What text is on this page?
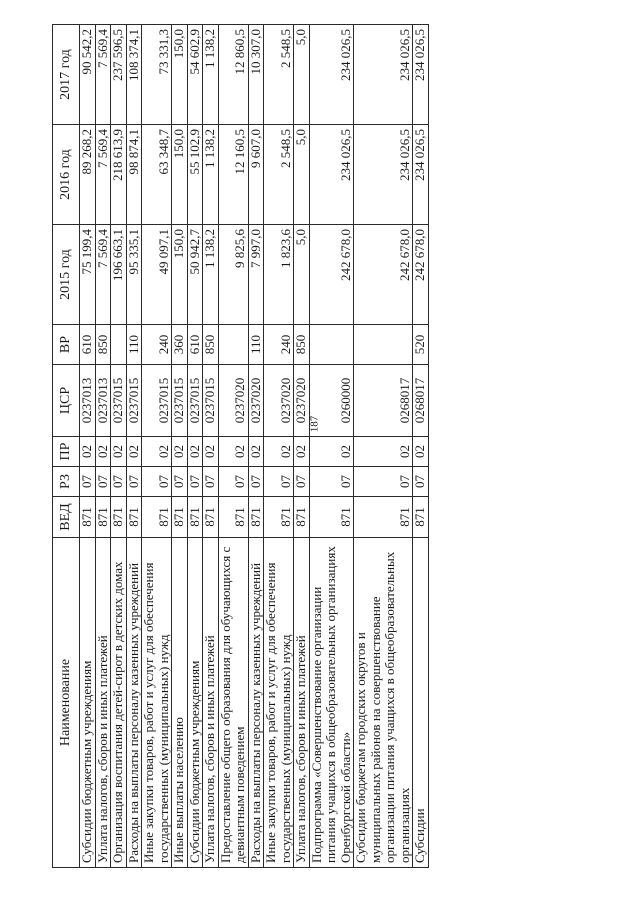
187
Наименование	ВЕД	РЗ	ПР	ЦСР	ВР	2015 год	2016 год	2017 год
Субсидии бюджетным учреждениям	871	07	02	0237013	610	75 199,4	89 268,2	90 542,2
Уплата налогов, сборов и иных платежей	871	07	02	0237013	850	7 569,4	7 569,4	7 569,4
Организация воспитания детей-сирот в детских домах	871	07	02	0237015		196 663,1	218 613,9	237 596,5
Расходы на выплаты персоналу казенных учреждений	871	07	02	0237015	110	95 335,1	98 874,1	108 374,1
Иные закупки товаров, работ и услуг для обеспечения государственных (муниципальных) нужд	871	07	02	0237015	240	49 097,1	63 348,7	73 331,3
Иные выплаты населению	871	07	02	0237015	360	150,0	150,0	150,0
Субсидии бюджетным учреждениям	871	07	02	0237015	610	50 942,7	55 102,9	54 602,9
Уплата налогов, сборов и иных платежей	871	07	02	0237015	850	1 138,2	1 138,2	1 138,2
Предоставление общего образования для обучающихся с девиантным поведением	871	07	02	0237020		9 825,6	12 160,5	12 860,5
Расходы на выплаты персоналу казенных учреждений	871	07	02	0237020	110	7 997,0	9 607,0	10 307,0
Иные закупки товаров, работ и услуг для обеспечения государственных (муниципальных) нужд	871	07	02	0237020	240	1 823,6	2 548,5	2 548,5
Уплата налогов, сборов и иных платежей	871	07	02	0237020	850	5,0	5,0	5,0
Подпрограмма «Совершенствование организации питания учащихся в общеобразовательных организациях Оренбургской области»	871	07	02	0260000		242 678,0	234 026,5	234 026,5
Субсидии бюджетам городских округов и муниципальных районов на совершенствование организации питания учащихся в общеобразовательных организациях	871	07	02	0268017		242 678,0	234 026,5	234 026,5
Субсидии	871	07	02	0268017	520	242 678,0	234 026,5	234 026,5
